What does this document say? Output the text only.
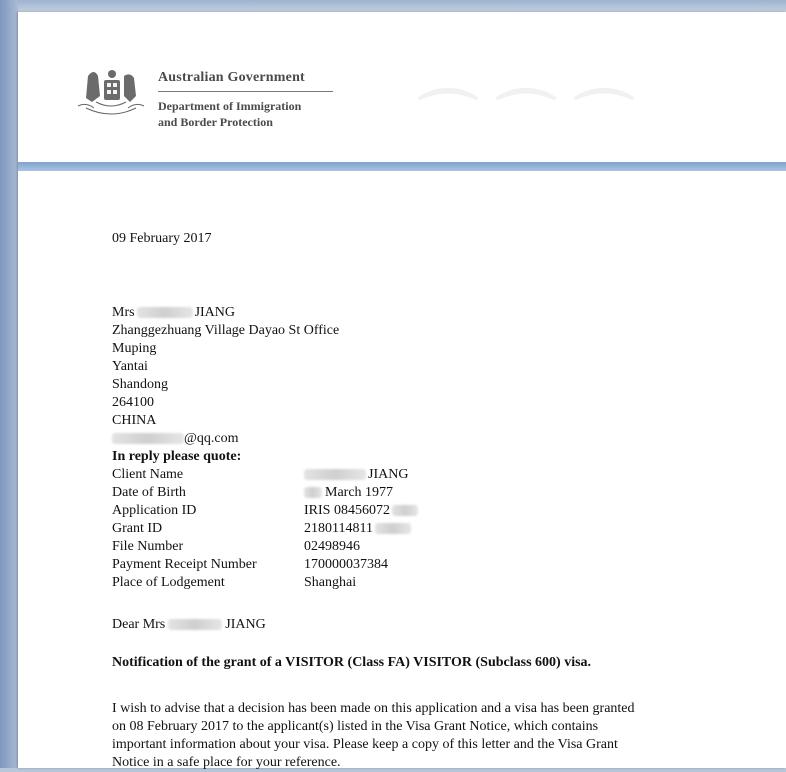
Australian Government
Department of Immigration
and Border Protection	⌒⌒⌒
09 February 2017
Mrs	JIANG
Zhanggezhuang Village Dayao St Office
Muping
Yantai
Shandong
264100
CHINA
@qq.com
In reply please quote:
Client Name	JIANG
Date of Birth	March 1977
Application ID	IRIS 08456072
Grant ID	2180114811
File Number	02498946
Payment Receipt Number	170000037384
Place of Lodgement	Shanghai
Dear Mrs	JIANG
Notification of the grant of a VISITOR (Class FA) VISITOR (Subclass 600) visa.
I wish to advise that a decision has been made on this application and a visa has been granted
on 08 February 2017 to the applicant(s) listed in the Visa Grant Notice, which contains
important information about your visa. Please keep a copy of this letter and the Visa Grant
Notice in a safe place for your reference.
